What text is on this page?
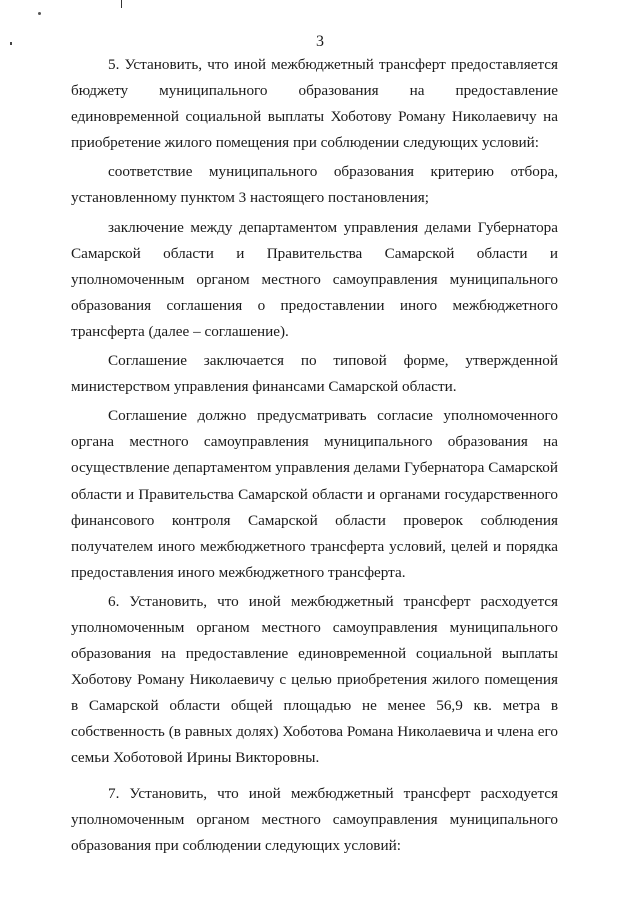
3

5. Установить, что иной межбюджетный трансферт предоставляется бюджету муниципального образования на предоставление единовременной социальной выплаты Хоботову Роману Николаевичу на приобретение жилого помещения при соблюдении следующих условий:

соответствие муниципального образования критерию отбора, установленному пунктом 3 настоящего постановления;

заключение между департаментом управления делами Губернатора Самарской области и Правительства Самарской области и уполномоченным органом местного самоуправления муниципального образования соглашения о предоставлении иного межбюджетного трансферта (далее – соглашение).

Соглашение заключается по типовой форме, утвержденной министерством управления финансами Самарской области.

Соглашение должно предусматривать согласие уполномоченного органа местного самоуправления муниципального образования на осуществление департаментом управления делами Губернатора Самарской области и Правительства Самарской области и органами государственного финансового контроля Самарской области проверок соблюдения получателем иного межбюджетного трансферта условий, целей и порядка предоставления иного межбюджетного трансферта.

6. Установить, что иной межбюджетный трансферт расходуется уполномоченным органом местного самоуправления муниципального образования на предоставление единовременной социальной выплаты Хоботову Роману Николаевичу с целью приобретения жилого помещения в Самарской области общей площадью не менее 56,9 кв. метра в собственность (в равных долях) Хоботова Романа Николаевича и члена его семьи Хоботовой Ирины Викторовны.

7. Установить, что иной межбюджетный трансферт расходуется уполномоченным органом местного самоуправления муниципального образования при соблюдении следующих условий:
